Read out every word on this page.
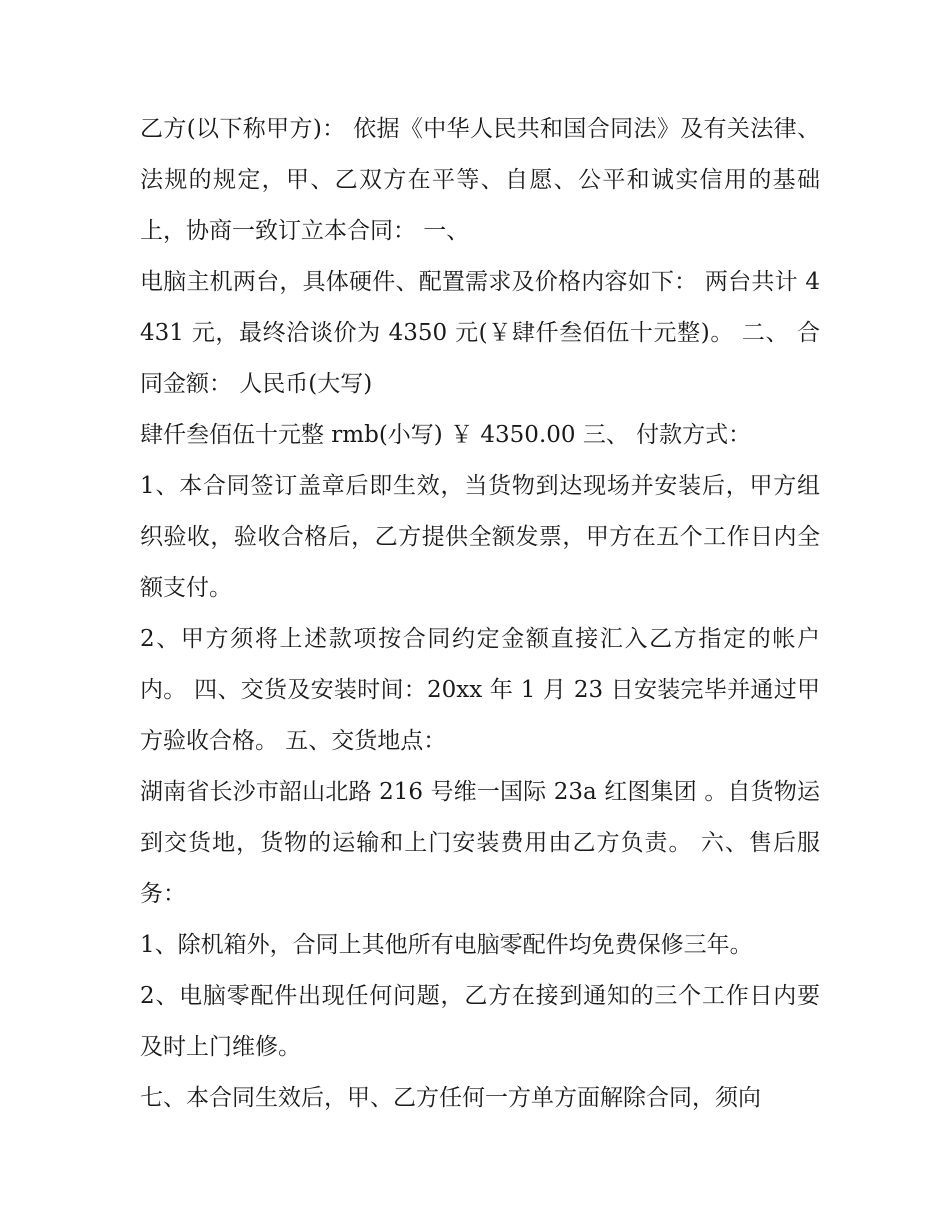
乙方(以下称甲方)： 依据《中华人民共和国合同法》及有关法律、法规的规定，甲、乙双方在平等、自愿、公平和诚实信用的基础上，协商一致订立本合同： 一、

电脑主机两台，具体硬件、配置需求及价格内容如下： 两台共计 4431 元，最终洽谈价为 4350 元(￥肆仟叁佰伍十元整)。 二、 合同金额： 人民币(大写)

肆仟叁佰伍十元整 rmb(小写) ￥ 4350.00 三、 付款方式：

1、本合同签订盖章后即生效，当货物到达现场并安装后，甲方组织验收，验收合格后，乙方提供全额发票，甲方在五个工作日内全额支付。

2、甲方须将上述款项按合同约定金额直接汇入乙方指定的帐户内。 四、交货及安装时间：20xx 年 1 月 23 日安装完毕并通过甲方验收合格。 五、交货地点：

湖南省长沙市韶山北路 216 号维一国际 23a 红图集团 。自货物运到交货地，货物的运输和上门安装费用由乙方负责。 六、售后服务：

1、除机箱外，合同上其他所有电脑零配件均免费保修三年。

2、电脑零配件出现任何问题，乙方在接到通知的三个工作日内要及时上门维修。

七、本合同生效后，甲、乙方任何一方单方面解除合同，须向
